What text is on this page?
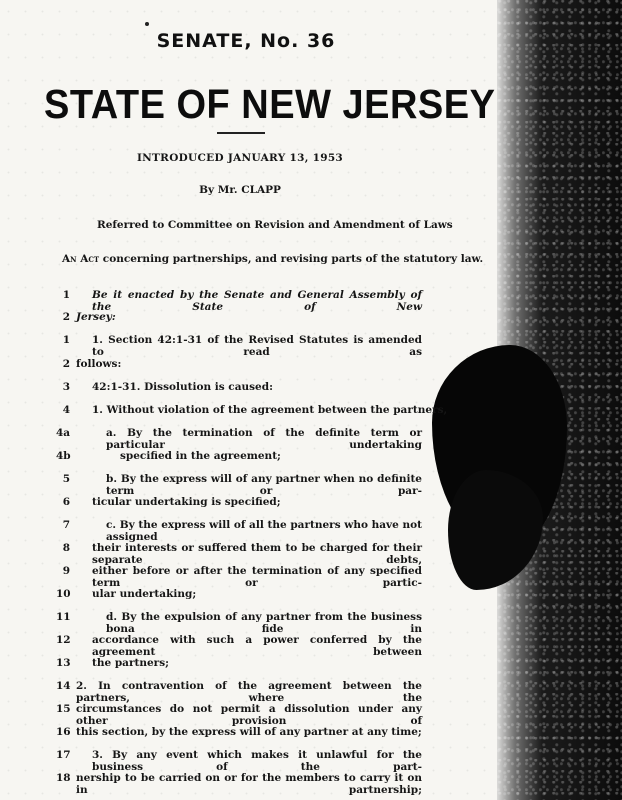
SENATE, No. 36
STATE OF NEW JERSEY
INTRODUCED JANUARY 13, 1953
By Mr. CLAPP
Referred to Committee on Revision and Amendment of Laws
An Act concerning partnerships, and revising parts of the statutory law.
1 Be it enacted by the Senate and General Assembly of the State of New
2 Jersey:
1 1. Section 42:1-31 of the Revised Statutes is amended to read as
2 follows:
3 42:1-31. Dissolution is caused:
4 1. Without violation of the agreement between the partners,
4a	a. By the termination of the definite term or particular undertaking
4b	specified in the agreement;
5	b. By the express will of any partner when no definite term or par-
6 ticular undertaking is specified;
7	c. By the express will of all the partners who have not assigned
8 their interests or suffered them to be charged for their separate debts,
9 either before or after the termination of any specified term or partic-
10 ular undertaking;
11	d. By the expulsion of any partner from the business bona fide in
12 accordance with such a power conferred by the agreement between
13 the partners;
14 2. In contravention of the agreement between the partners, where the
15 circumstances do not permit a dissolution under any other provision of
16 this section, by the express will of any partner at any time;
17 3. By any event which makes it unlawful for the business of the part-
18 nership to be carried on or for the members to carry it on in partnership;
